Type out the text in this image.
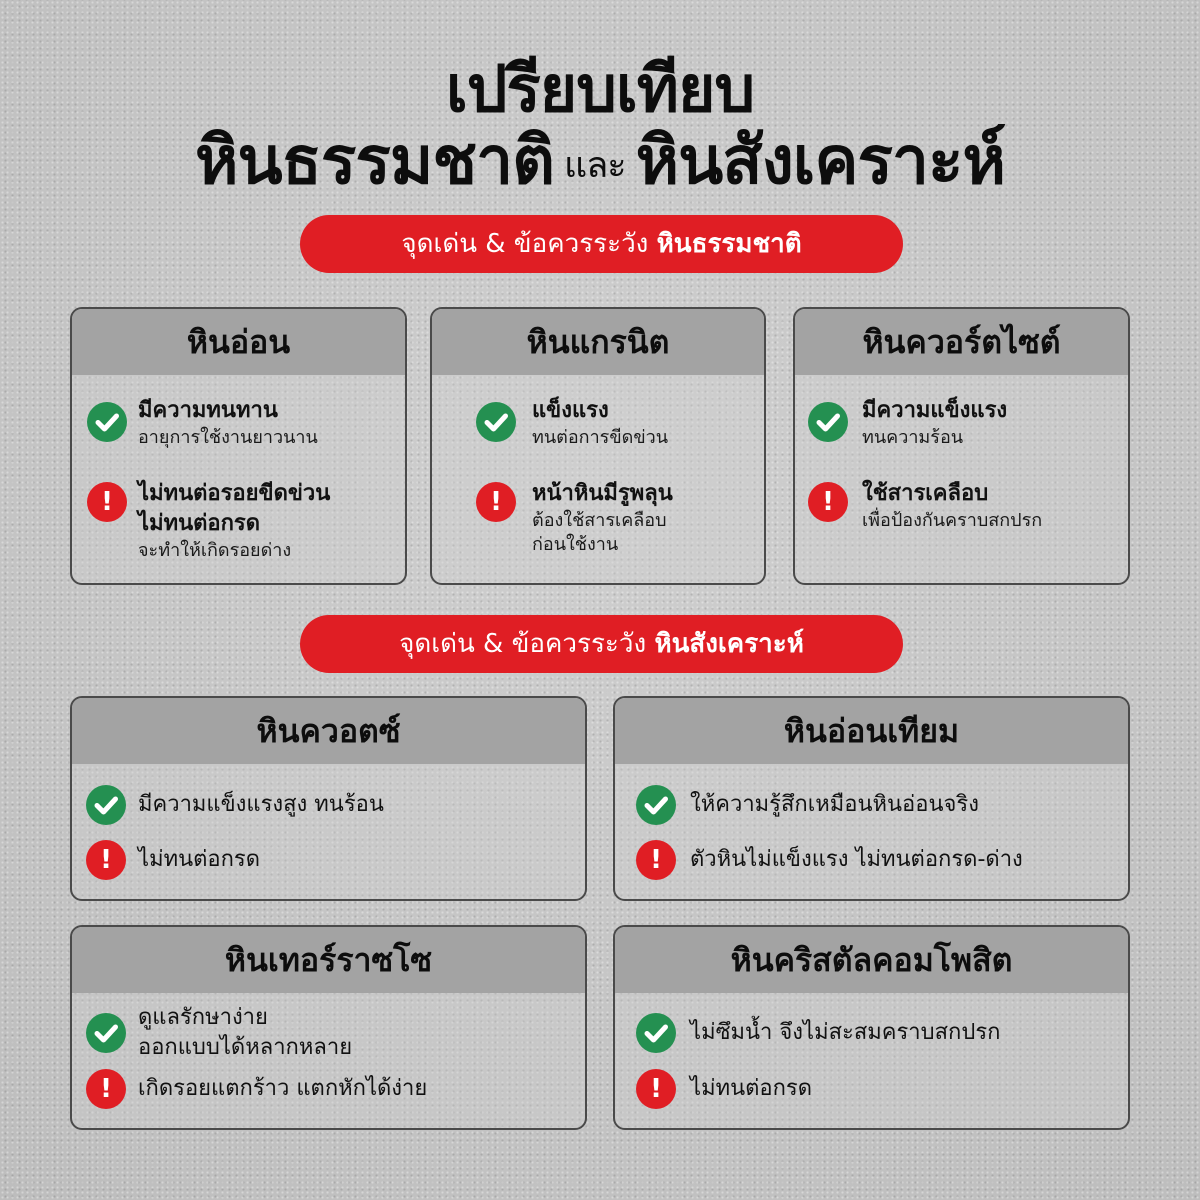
เปรียบเทียบ
หินธรรมชาติ และ หินสังเคราะห์
จุดเด่น & ข้อควรระวัง หินธรรมชาติ
หินอ่อน
มีความทนทาน
อายุการใช้งานยาวนาน
!	ไม่ทนต่อรอยขีดข่วน
ไม่ทนต่อกรด
จะทำให้เกิดรอยด่าง
หินแกรนิต
แข็งแรง
ทนต่อการขีดข่วน
!	หน้าหินมีรูพลุน
ต้องใช้สารเคลือบ
ก่อนใช้งาน
หินควอร์ตไซต์
มีความแข็งแรง
ทนความร้อน
!	ใช้สารเคลือบ
เพื่อป้องกันคราบสกปรก
จุดเด่น & ข้อควรระวัง หินสังเคราะห์
หินควอตซ์
มีความแข็งแรงสูง ทนร้อน
!	ไม่ทนต่อกรด
หินอ่อนเทียม
ให้ความรู้สึกเหมือนหินอ่อนจริง
!	ตัวหินไม่แข็งแรง ไม่ทนต่อกรด-ด่าง
หินเทอร์ราซโซ
ดูแลรักษาง่าย
ออกแบบได้หลากหลาย
!	เกิดรอยแตกร้าว แตกหักได้ง่าย
หินคริสตัลคอมโพสิต
ไม่ซึมน้ำ จึงไม่สะสมคราบสกปรก
!	ไม่ทนต่อกรด
